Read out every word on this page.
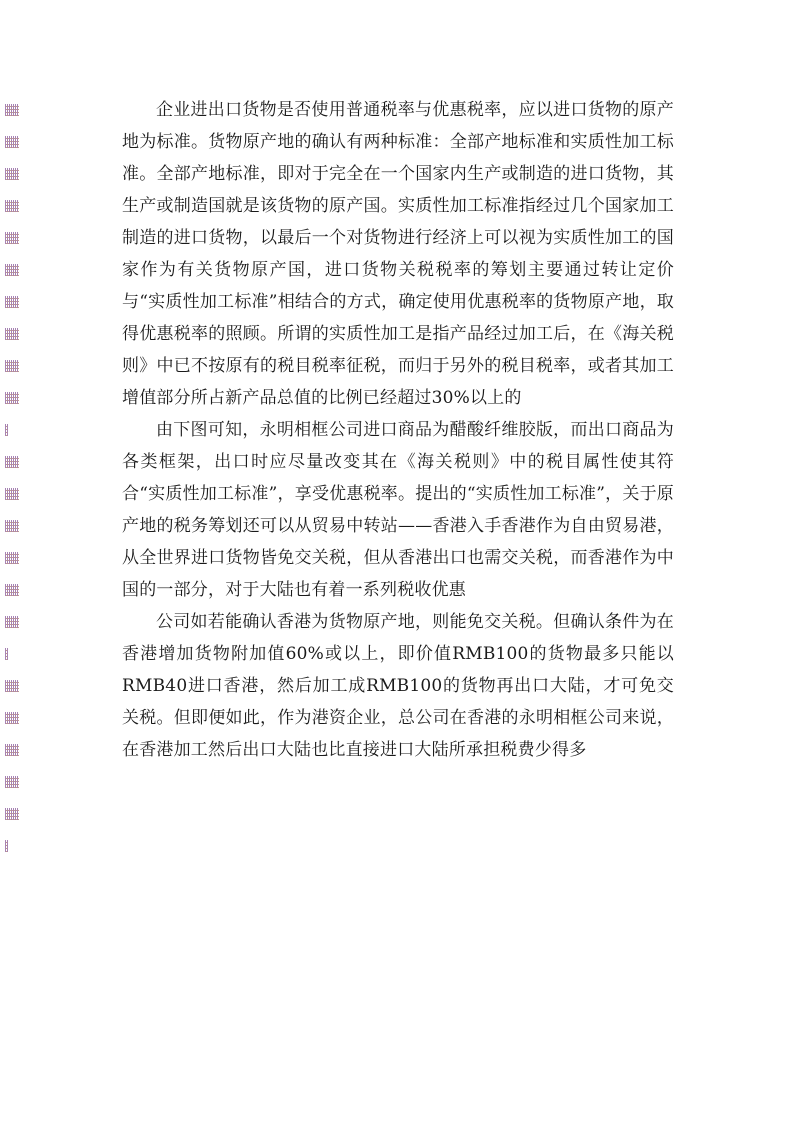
企业进出口货物是否使用普通税率与优惠税率，应以进口货物的原产地为标准。货物原产地的确认有两种标准：全部产地标准和实质性加工标准。全部产地标准，即对于完全在一个国家内生产或制造的进口货物，其生产或制造国就是该货物的原产国。实质性加工标准指经过几个国家加工制造的进口货物，以最后一个对货物进行经济上可以视为实质性加工的国家作为有关货物原产国，进口货物关税税率的筹划主要通过转让定价与“实质性加工标准”相结合的方式，确定使用优惠税率的货物原产地，取得优惠税率的照顾。所谓的实质性加工是指产品经过加工后，在《海关税则》中已不按原有的税目税率征税，而归于另外的税目税率，或者其加工增值部分所占新产品总值的比例已经超过30%以上的

由下图可知，永明相框公司进口商品为醋酸纤维胶版，而出口商品为各类框架，出口时应尽量改变其在《海关税则》中的税目属性使其符合“实质性加工标准”，享受优惠税率。提出的“实质性加工标准”，关于原产地的税务筹划还可以从贸易中转站——香港入手香港作为自由贸易港，从全世界进口货物皆免交关税，但从香港出口也需交关税，而香港作为中国的一部分，对于大陆也有着一系列税收优惠

公司如若能确认香港为货物原产地，则能免交关税。但确认条件为在香港增加货物附加值60%或以上，即价值RMB100的货物最多只能以RMB40进口香港，然后加工成RMB100的货物再出口大陆，才可免交关税。但即便如此，作为港资企业，总公司在香港的永明相框公司来说，在香港加工然后出口大陆也比直接进口大陆所承担税费少得多
